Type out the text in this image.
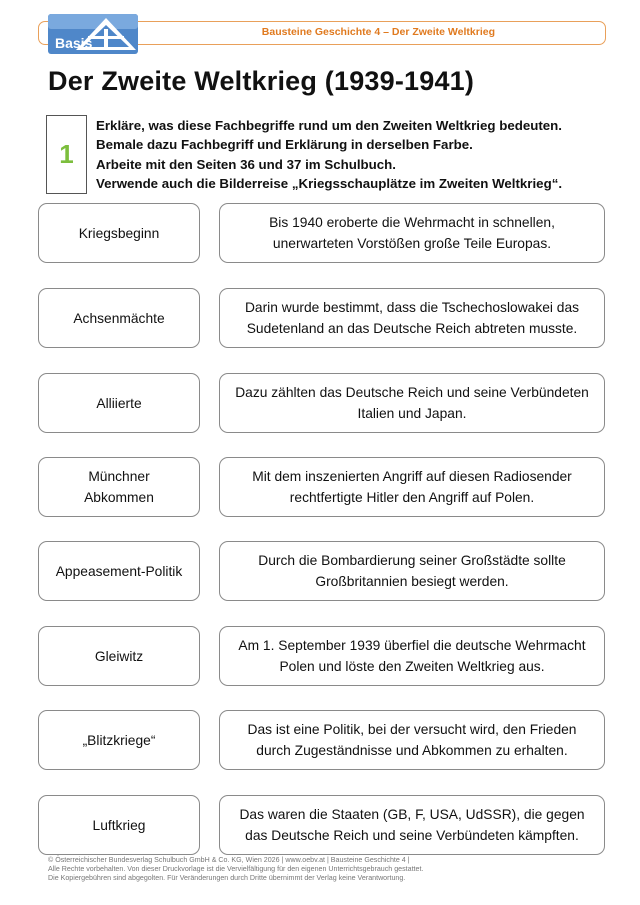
Bausteine Geschichte 4 – Der Zweite Weltkrieg
Basis
Der Zweite Weltkrieg (1939-1941)
1
Erkläre, was diese Fachbegriffe rund um den Zweiten Weltkrieg bedeuten.
Bemale dazu Fachbegriff und Erklärung in derselben Farbe.
Arbeite mit den Seiten 36 und 37 im Schulbuch.
Verwende auch die Bilderreise „Kriegsschauplätze im Zweiten Weltkrieg“.
Kriegsbeginn
Bis 1940 eroberte die Wehrmacht in schnellen,
unerwarteten Vorstößen große Teile Europas.
Achsenmächte
Darin wurde bestimmt, dass die Tschechoslowakei das
Sudetenland an das Deutsche Reich abtreten musste.
Alliierte
Dazu zählten das Deutsche Reich und seine Verbündeten
Italien und Japan.
Münchner
Abkommen
Mit dem inszenierten Angriff auf diesen Radiosender
rechtfertigte Hitler den Angriff auf Polen.
Appeasement-Politik
Durch die Bombardierung seiner Großstädte sollte
Großbritannien besiegt werden.
Gleiwitz
Am 1. September 1939 überfiel die deutsche Wehrmacht
Polen und löste den Zweiten Weltkrieg aus.
„Blitzkriege“
Das ist eine Politik, bei der versucht wird, den Frieden
durch Zugeständnisse und Abkommen zu erhalten.
Luftkrieg
Das waren die Staaten (GB, F, USA, UdSSR), die gegen
das Deutsche Reich und seine Verbündeten kämpften.
© Österreichischer Bundesverlag Schulbuch GmbH & Co. KG, Wien 2026 | www.oebv.at | Bausteine Geschichte 4 |
Alle Rechte vorbehalten. Von dieser Druckvorlage ist die Vervielfältigung für den eigenen Unterrichtsgebrauch gestattet.
Die Kopiergebühren sind abgegolten. Für Veränderungen durch Dritte übernimmt der Verlag keine Verantwortung.
